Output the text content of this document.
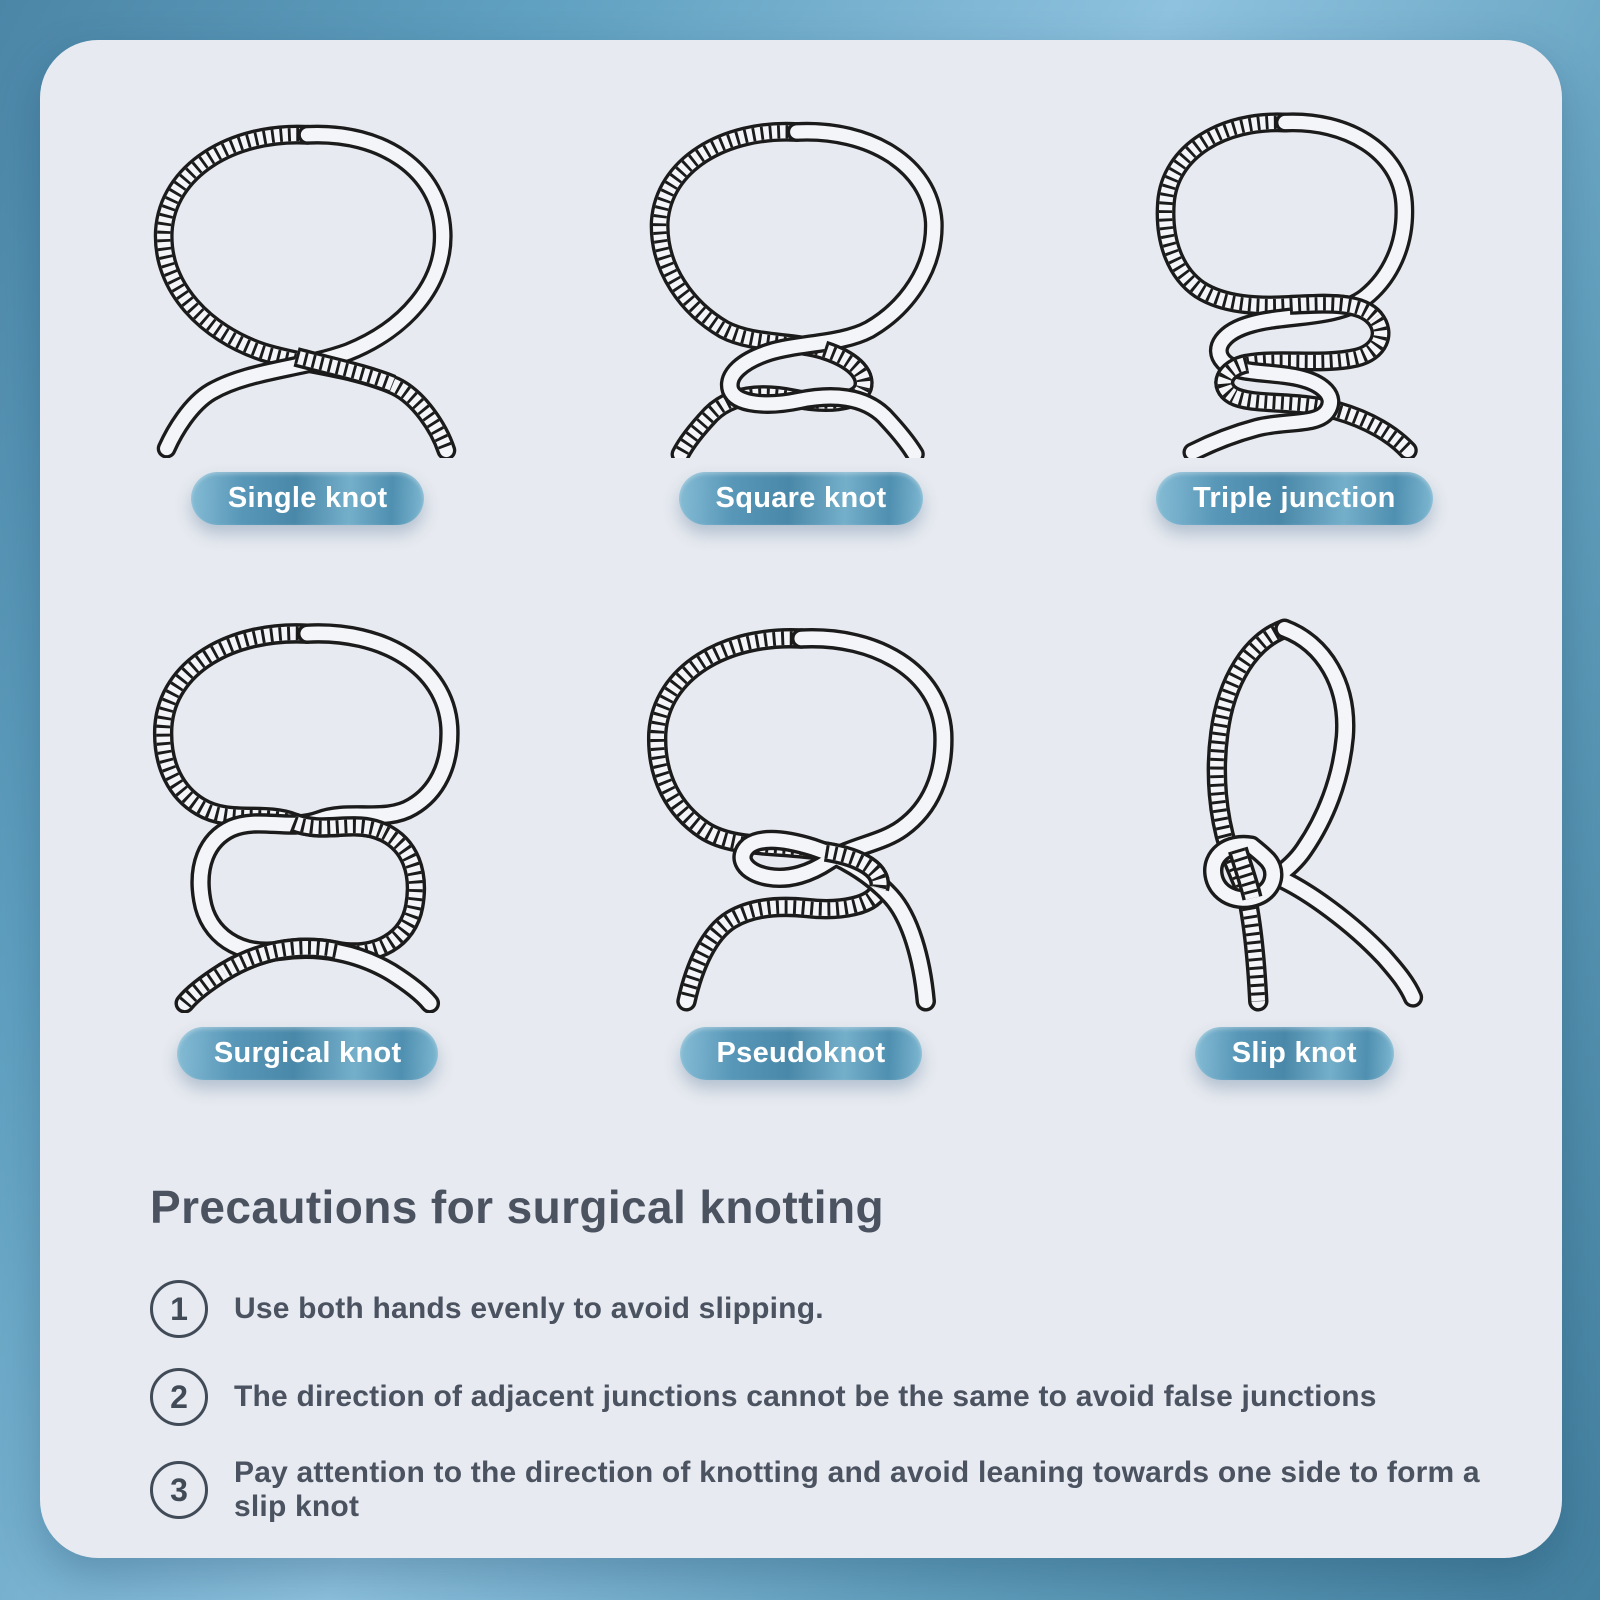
Single knot	Square knot	Triple junction
Surgical knot	Pseudoknot	Slip knot
Precautions for surgical knotting
1	Use both hands evenly to avoid slipping.
2	The direction of adjacent junctions cannot be the same to avoid false junctions
3	Pay attention to the direction of knotting and avoid leaning towards one side to form a slip knot
